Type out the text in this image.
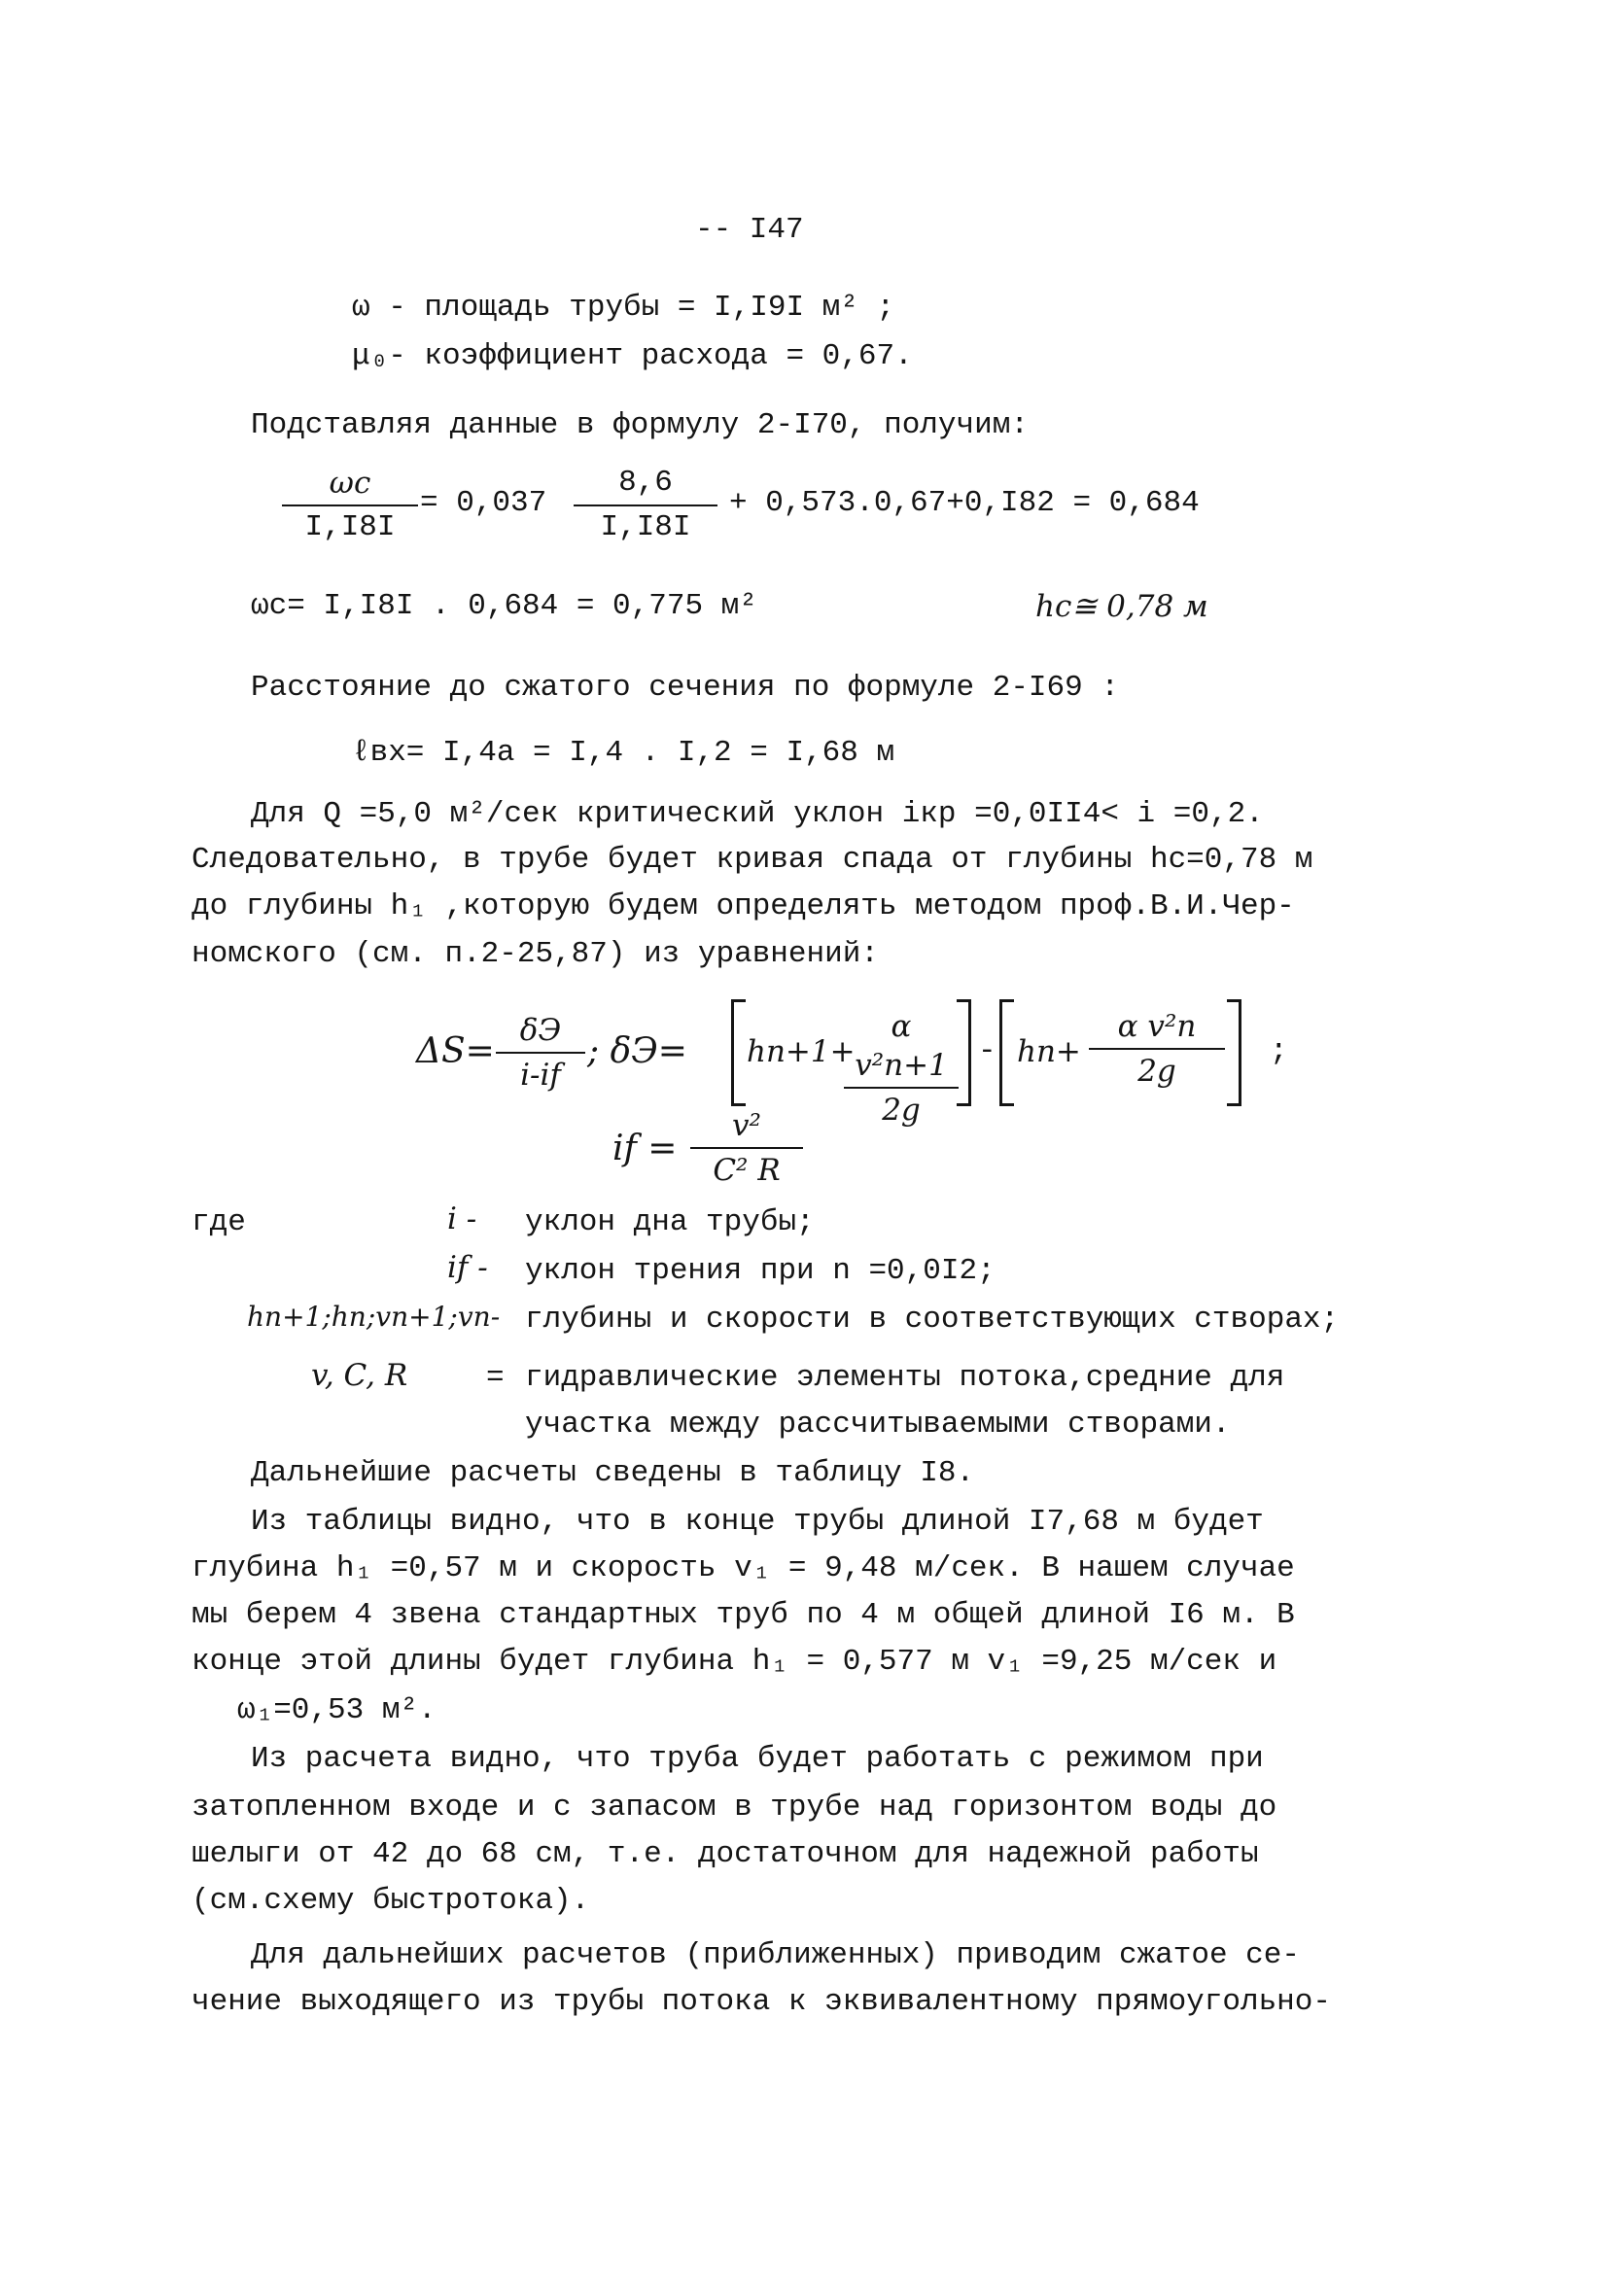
-- I47
ω - площадь трубы = I,I9I м² ;
μ₀- коэффициент расхода = 0,67.
Подставляя данные в формулу 2-I70, получим:
$\frac{\omega c}{I,I8I} = 0,037 \frac{8,6}{I,I8I} + 0,573.0,67+0,I82 = 0,684$
ωc= I,I8I . 0,684 = 0,775 м²	hc≅ 0,78 м
Расстояние до сжатого сечения по формуле 2-I69 :
ℓвх= I,4a = I,4 . I,2 = I,68 м
Для Q =5,0 м²/сек критический уклон iкр =0,0II4< i =0,2.
Следовательно, в трубе будет кривая спада от глубины hc=0,78 м
до глубины h₁ ,которую будем определять методом проф.В.И.Чер-
номского (см. п.2-25,87) из уравнений:
ΔS=
δЭ
i-if
; δЭ= hn+1+
$\frac{\text{α v²n+1}}{2g} - hn+ \frac{\text{α v²n}}{2g}$ ;
if = $\frac{\text{v²}}{\text{C² R}}$
где	i - уклон дна трубы;
if - уклон трения при n =0,0I2;
hn+1;hn;vn+1;vn- глубины и скорости в соответствующих створах;
v, C, R	= гидравлические элементы потока,средние для
участка между рассчитываемыми створами.
Дальнейшие расчеты сведены в таблицу I8.
Из таблицы видно, что в конце трубы длиной I7,68 м будет
глубина h₁ =0,57 м и скорость v₁ = 9,48 м/сек. В нашем случае
мы берем 4 звена стандартных труб по 4 м общей длиной I6 м. В
конце этой длины будет глубина h₁ = 0,577 м v₁ =9,25 м/сек и
ω₁=0,53 м².
Из расчета видно, что труба будет работать с режимом при
затопленном входе и с запасом в трубе над горизонтом воды до
шелыги от 42 до 68 см, т.е. достаточном для надежной работы
(см.схему быстротока).
Для дальнейших расчетов (приближенных) приводим сжатое се-
чение выходящего из трубы потока к эквивалентному прямоугольно-
